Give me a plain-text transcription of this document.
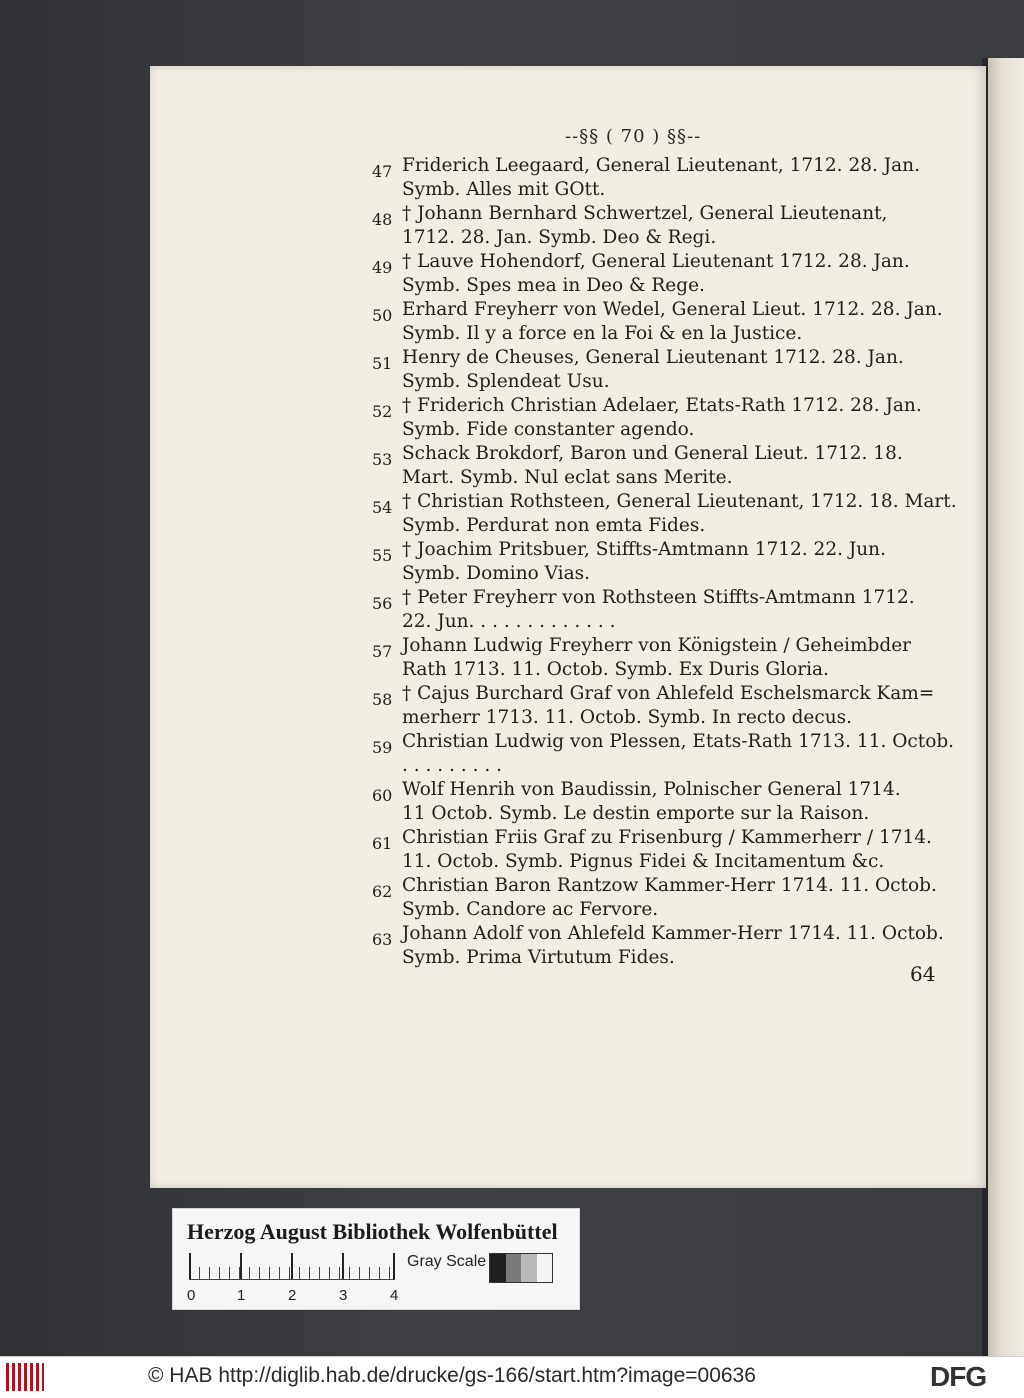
--§§ ( 70 ) §§--
47 Friderich Leegaard, General Lieutenant, 1712. 28. Jan.
Symb. Alles mit GOtt.
48 † Johann Bernhard Schwertzel, General Lieutenant,
1712. 28. Jan. Symb. Deo & Regi.
49 † Lauve Hohendorf, General Lieutenant 1712. 28. Jan.
Symb. Spes mea in Deo & Rege.
50 Erhard Freyherr von Wedel, General Lieut. 1712. 28. Jan.
Symb. Il y a force en la Foi & en la Justice.
51 Henry de Cheuses, General Lieutenant 1712. 28. Jan.
Symb. Splendeat Usu.
52 † Friderich Christian Adelaer, Etats-Rath 1712. 28. Jan.
Symb. Fide constanter agendo.
53 Schack Brokdorf, Baron und General Lieut. 1712. 18.
Mart. Symb. Nul eclat sans Merite.
54 † Christian Rothsteen, General Lieutenant, 1712. 18. Mart.
Symb. Perdurat non emta Fides.
55 † Joachim Pritsbuer, Stiffts-Amtmann 1712. 22. Jun.
Symb. Domino Vias.
56 † Peter Freyherr von Rothsteen Stiffts-Amtmann 1712.
22. Jun. . . . . . . . . . . . .
57 Johann Ludwig Freyherr von Königstein / Geheimbder
Rath 1713. 11. Octob. Symb. Ex Duris Gloria.
58 † Cajus Burchard Graf von Ahlefeld Eschelsmarck Kam=
merherr 1713. 11. Octob. Symb. In recto decus.
59 Christian Ludwig von Plessen, Etats-Rath 1713. 11. Octob.
. . . . . . . . .
60 Wolf Henrih von Baudissin, Polnischer General 1714.
11 Octob. Symb. Le destin emporte sur la Raison.
61 Christian Friis Graf zu Frisenburg / Kammerherr / 1714.
11. Octob. Symb. Pignus Fidei & Incitamentum &c.
62 Christian Baron Rantzow Kammer-Herr 1714. 11. Octob.
Symb. Candore ac Fervore.
63 Johann Adolf von Ahlefeld Kammer-Herr 1714. 11. Octob.
Symb. Prima Virtutum Fides.
64
Herzog August Bibliothek Wolfenbüttel
0	1	2	3	4
Gray Scale
© HAB http://diglib.hab.de/drucke/gs-166/start.htm?image=00636	DFG
